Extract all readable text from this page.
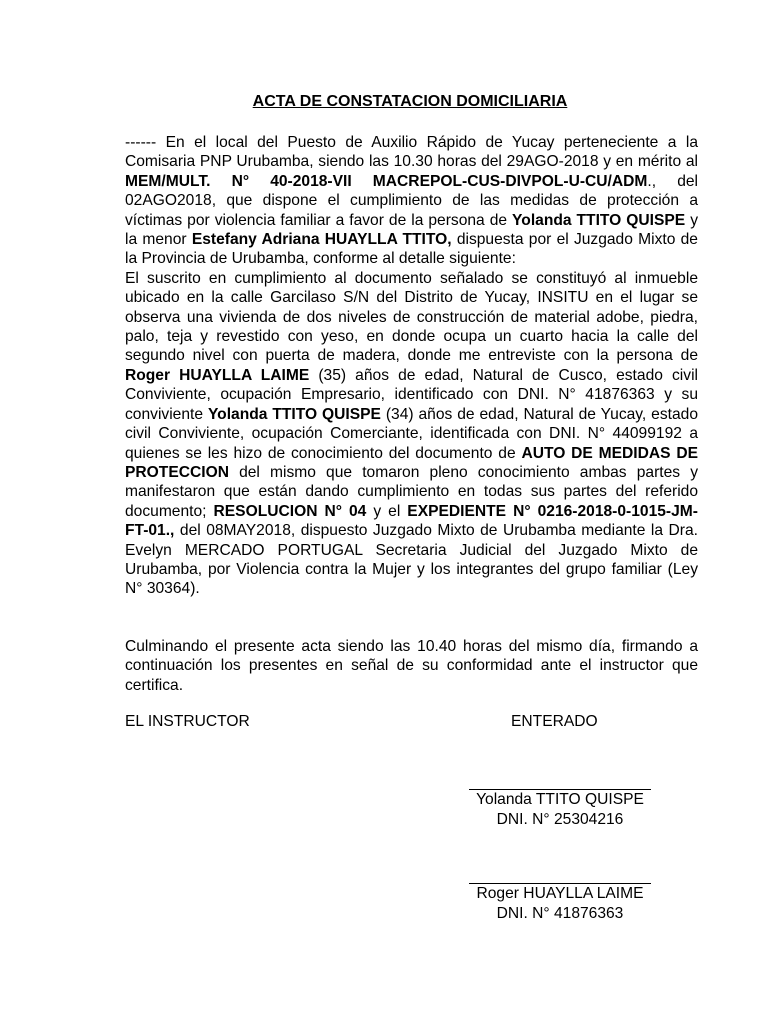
ACTA DE CONSTATACION DOMICILIARIA

------ En el local del Puesto de Auxilio Rápido de Yucay perteneciente a la Comisaria PNP Urubamba, siendo las 10.30 horas del 29AGO-2018 y en mérito al MEM/MULT. N° 40-2018-VII MACREPOL-CUS-DIVPOL-U-CU/ADM., del 02AGO2018, que dispone el cumplimiento de las medidas de protección a víctimas por violencia familiar a favor de la persona de Yolanda TTITO QUISPE y la menor Estefany Adriana HUAYLLA TTITO, dispuesta por el Juzgado Mixto de la Provincia de Urubamba, conforme al detalle siguiente:

El suscrito en cumplimiento al documento señalado se constituyó al inmueble ubicado en la calle Garcilaso S/N del Distrito de Yucay, INSITU en el lugar se observa una vivienda de dos niveles de construcción de material adobe, piedra, palo, teja y revestido con yeso, en donde ocupa un cuarto hacia la calle del segundo nivel con puerta de madera, donde me entreviste con la persona de Roger HUAYLLA LAIME (35) años de edad, Natural de Cusco, estado civil Conviviente, ocupación Empresario, identificado con DNI. N° 41876363 y su conviviente Yolanda TTITO QUISPE (34) años de edad, Natural de Yucay, estado civil Conviviente, ocupación Comerciante, identificada con DNI. N° 44099192 a quienes se les hizo de conocimiento del documento de AUTO DE MEDIDAS DE PROTECCION del mismo que tomaron pleno conocimiento ambas partes y manifestaron que están dando cumplimiento en todas sus partes del referido documento; RESOLUCION N° 04 y el EXPEDIENTE N° 0216-2018-0-1015-JM-FT-01., del 08MAY2018, dispuesto Juzgado Mixto de Urubamba mediante la Dra. Evelyn MERCADO PORTUGAL Secretaria Judicial del Juzgado Mixto de Urubamba, por Violencia contra la Mujer y los integrantes del grupo familiar (Ley N° 30364).

Culminando el presente acta siendo las 10.40 horas del mismo día, firmando a continuación los presentes en señal de su conformidad ante el instructor que certifica.
EL INSTRUCTOR	ENTERADO
Yolanda TTITO QUISPE
DNI. N° 25304216
Roger HUAYLLA LAIME
DNI. N° 41876363
